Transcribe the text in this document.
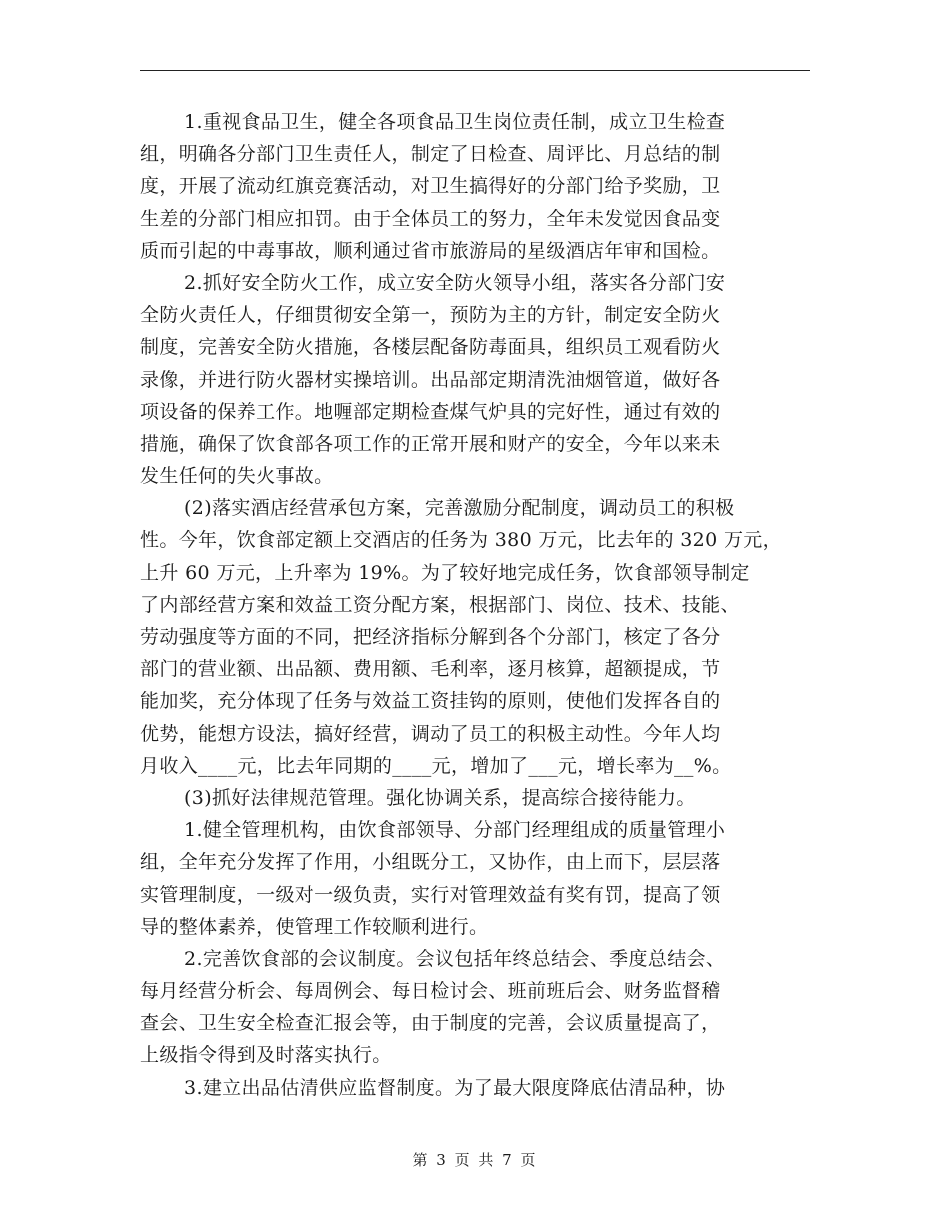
1.重视食品卫生，健全各项食品卫生岗位责任制，成立卫生检查
组，明确各分部门卫生责任人，制定了日检查、周评比、月总结的制
度，开展了流动红旗竞赛活动，对卫生搞得好的分部门给予奖励，卫
生差的分部门相应扣罚。由于全体员工的努力，全年未发觉因食品变
质而引起的中毒事故，顺利通过省市旅游局的星级酒店年审和国检。
2.抓好安全防火工作，成立安全防火领导小组，落实各分部门安
全防火责任人，仔细贯彻安全第一，预防为主的方针，制定安全防火
制度，完善安全防火措施，各楼层配备防毒面具，组织员工观看防火
录像，并进行防火器材实操培训。出品部定期清洗油烟管道，做好各
项设备的保养工作。地喱部定期检查煤气炉具的完好性，通过有效的
措施，确保了饮食部各项工作的正常开展和财产的安全，今年以来未
发生任何的失火事故。
(2)落实酒店经营承包方案，完善激励分配制度，调动员工的积极
性。今年，饮食部定额上交酒店的任务为 380 万元，比去年的 320 万元，
上升 60 万元，上升率为 19%。为了较好地完成任务，饮食部领导制定
了内部经营方案和效益工资分配方案，根据部门、岗位、技术、技能、
劳动强度等方面的不同，把经济指标分解到各个分部门，核定了各分
部门的营业额、出品额、费用额、毛利率，逐月核算，超额提成，节
能加奖，充分体现了任务与效益工资挂钩的原则，使他们发挥各自的
优势，能想方设法，搞好经营，调动了员工的积极主动性。今年人均
月收入____元，比去年同期的____元，增加了___元，增长率为__%。
(3)抓好法律规范管理。强化协调关系，提高综合接待能力。
1.健全管理机构，由饮食部领导、分部门经理组成的质量管理小
组，全年充分发挥了作用，小组既分工，又协作，由上而下，层层落
实管理制度，一级对一级负责，实行对管理效益有奖有罚，提高了领
导的整体素养，使管理工作较顺利进行。
2.完善饮食部的会议制度。会议包括年终总结会、季度总结会、
每月经营分析会、每周例会、每日检讨会、班前班后会、财务监督稽
查会、卫生安全检查汇报会等，由于制度的完善，会议质量提高了，
上级指令得到及时落实执行。
3.建立出品估清供应监督制度。为了最大限度降底估清品种，协
第 3 页 共 7 页
